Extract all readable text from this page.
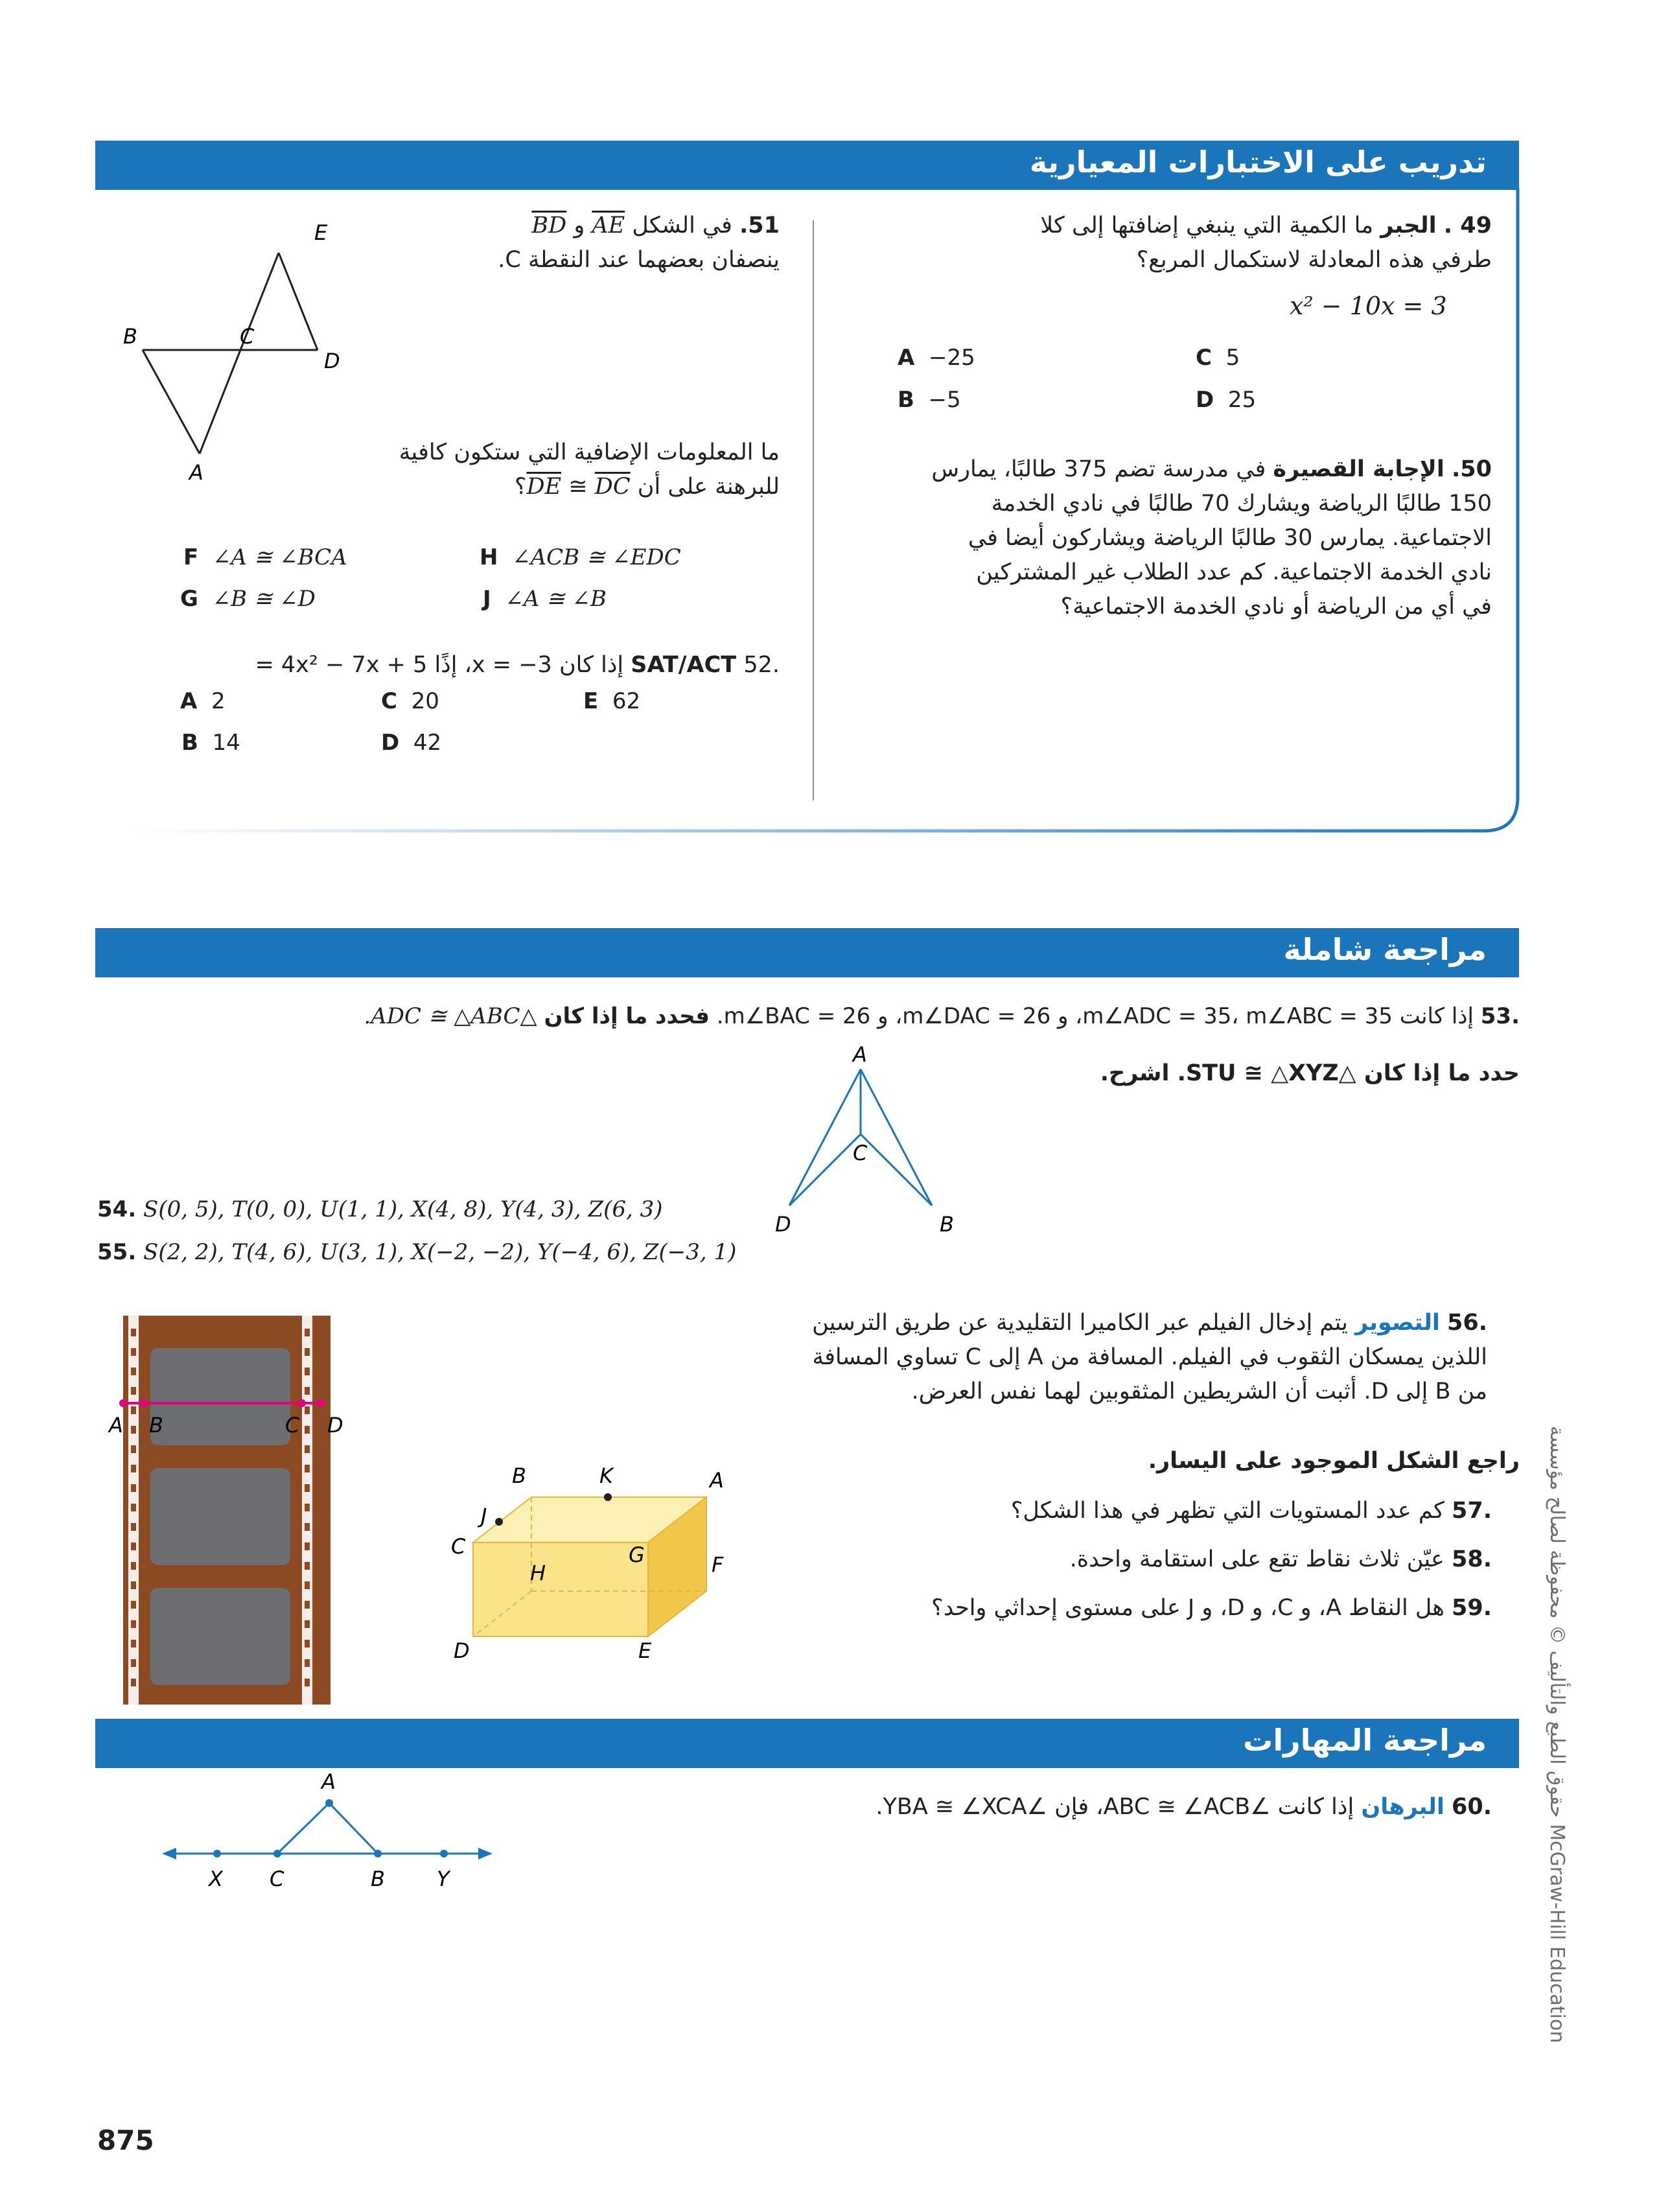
تدريب على الاختبارات المعيارية
49 . الجبر ما الكمية التي ينبغي إضافتها إلى كلا
طرفي هذه المعادلة لاستكمال المربع؟
x² − 10x = 3
A −25	C 5
B −5	D 25
50. الإجابة القصيرة في مدرسة تضم 375 طالبًا، يمارس
150 طالبًا الرياضة ويشارك 70 طالبًا في نادي الخدمة
الاجتماعية. يمارس 30 طالبًا الرياضة ويشاركون أيضا في
نادي الخدمة الاجتماعية. كم عدد الطلاب غير المشتركين
في أي من الرياضة أو نادي الخدمة الاجتماعية؟
51. في الشكل AE و BD
ينصفان بعضهما عند النقطة C.
ما المعلومات الإضافية التي ستكون كافية
للبرهنة على أن DE ≅ DC؟
E
B	C
D
A
F ∠A ≅ ∠BCA	H ∠ACB ≅ ∠EDC
G ∠B ≅ ∠D	J ∠A ≅ ∠B
.52 SAT/ACT إذا كان x = −3، إذًا 4x² − 7x + 5 =
A 2	C 20	E 62
B 14	D 42
مراجعة شاملة
.53 إذا كانت m∠ADC = 35، m∠ABC = 35، و m∠DAC = 26، و m∠BAC = 26. فحدد ما إذا كان △ADC ≅ △ABC.
حدد ما إذا كان △STU ≅ △XYZ. اشرح.
A
C
D	B
54. S(0, 5), T(0, 0), U(1, 1), X(4, 8), Y(4, 3), Z(6, 3)
55. S(2, 2), T(4, 6), U(3, 1), X(−2, −2), Y(−4, 6), Z(−3, 1)
.56 التصوير يتم إدخال الفيلم عبر الكاميرا التقليدية عن طريق الترسين
اللذين يمسكان الثقوب في الفيلم. المسافة من A إلى C تساوي المسافة
من B إلى D. أثبت أن الشريطين المثقوبين لهما نفس العرض.
A B	C D
B	K	A
J
G
C
F
H
D	E
راجع الشكل الموجود على اليسار.
.57 كم عدد المستويات التي تظهر في هذا الشكل؟
.58 عيّن ثلاث نقاط تقع على استقامة واحدة.
.59 هل النقاط A، و C، و D، و J على مستوى إحداثي واحد؟
مراجعة المهارات
.60 البرهان إذا كانت ∠ABC ≅ ∠ACB، فإن ∠YBA ≅ ∠XCA.
A
X C	B	Y
حقوق الطبع والتأليف © محفوظة لصالح مؤسسة McGraw-Hill Education
875
